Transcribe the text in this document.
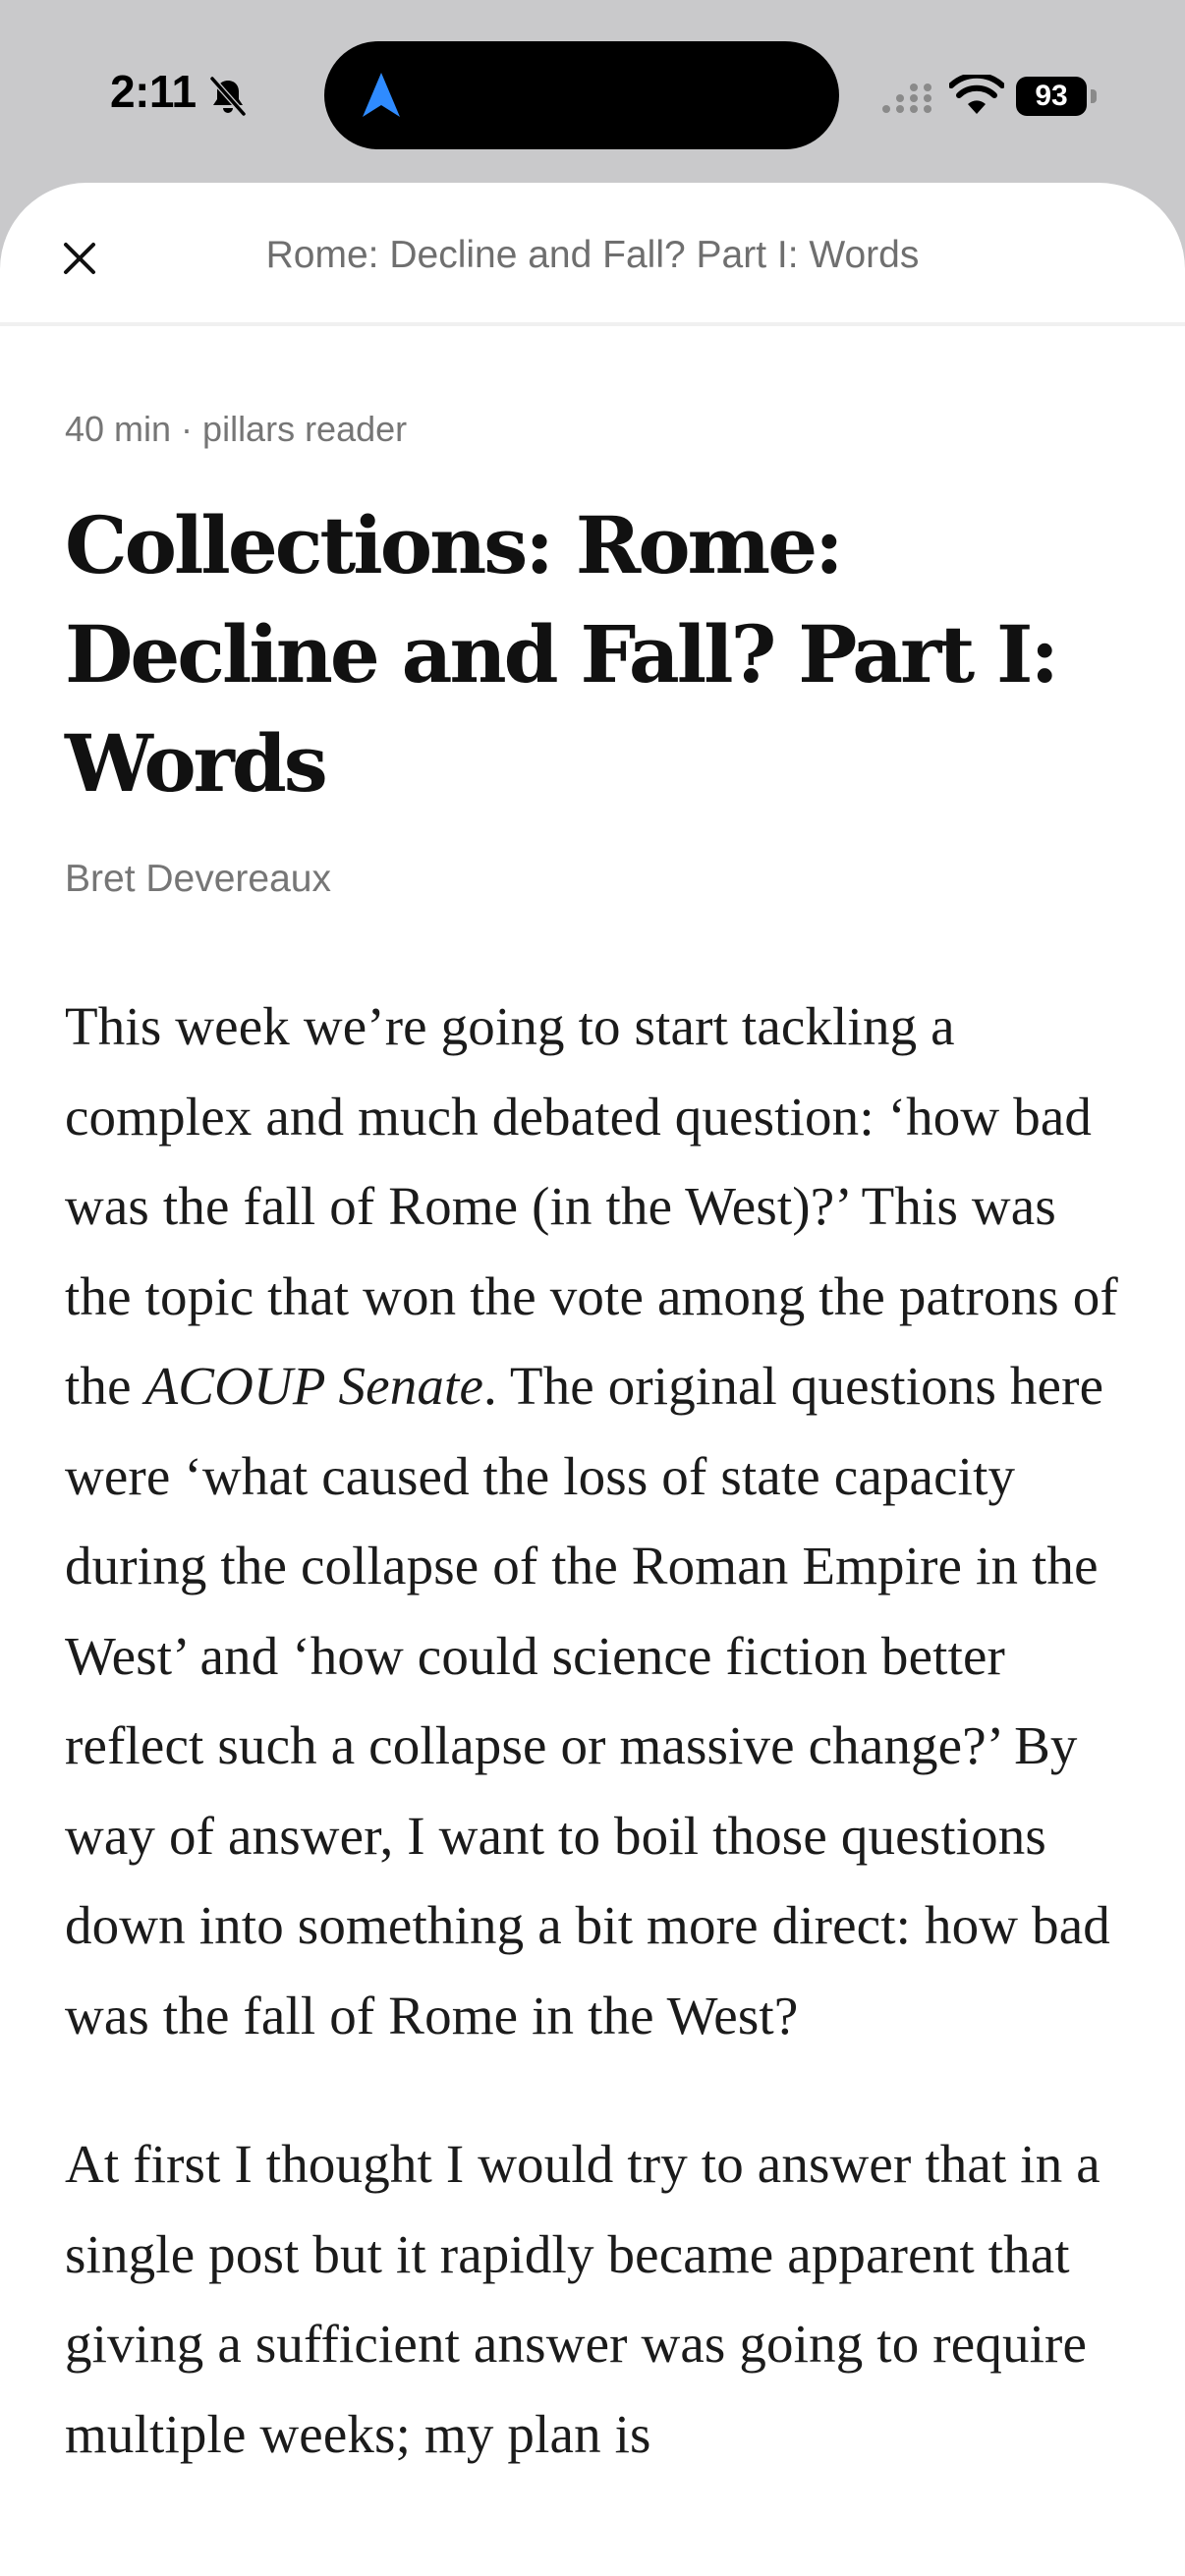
2:11	93
Rome: Decline and Fall? Part I: Words
40 min · pillars reader
Collections: Rome: Decline and Fall? Part I: Words
Bret Devereaux

This week we’re going to start tackling a complex and much debated question: ‘how bad was the fall of Rome (in the West)?’ This was the topic that won the vote among the patrons of the ACOUP Senate. The original questions here were ‘what caused the loss of state capacity during the collapse of the Roman Empire in the West’ and ‘how could science fiction better reflect such a collapse or massive change?’ By way of answer, I want to boil those questions down into something a bit more direct: how bad was the fall of Rome in the West?

At first I thought I would try to answer that in a single post but it rapidly became apparent that giving a sufficient answer was going to require multiple weeks; my plan is
